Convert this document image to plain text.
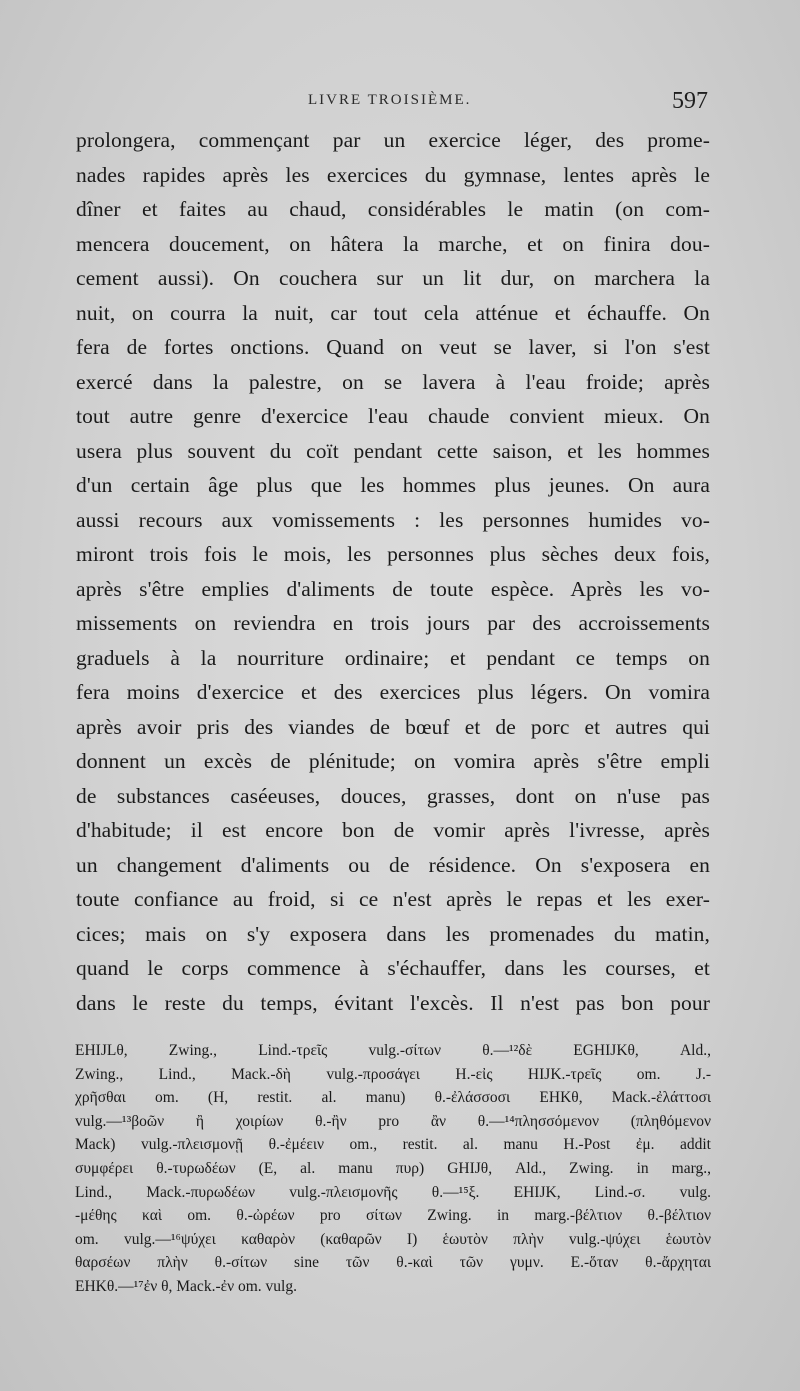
LIVRE TROISIÈME.	597
prolongera, commençant par un exercice léger, des prome-
nades rapides après les exercices du gymnase, lentes après le
dîner et faites au chaud, considérables le matin (on com-
mencera doucement, on hâtera la marche, et on finira dou-
cement aussi). On couchera sur un lit dur, on marchera la
nuit, on courra la nuit, car tout cela atténue et échauffe. On
fera de fortes onctions. Quand on veut se laver, si l'on s'est
exercé dans la palestre, on se lavera à l'eau froide; après
tout autre genre d'exercice l'eau chaude convient mieux. On
usera plus souvent du coït pendant cette saison, et les hommes
d'un certain âge plus que les hommes plus jeunes. On aura
aussi recours aux vomissements : les personnes humides vo-
miront trois fois le mois, les personnes plus sèches deux fois,
après s'être emplies d'aliments de toute espèce. Après les vo-
missements on reviendra en trois jours par des accroissements
graduels à la nourriture ordinaire; et pendant ce temps on
fera moins d'exercice et des exercices plus légers. On vomira
après avoir pris des viandes de bœuf et de porc et autres qui
donnent un excès de plénitude; on vomira après s'être empli
de substances caséeuses, douces, grasses, dont on n'use pas
d'habitude; il est encore bon de vomir après l'ivresse, après
un changement d'aliments ou de résidence. On s'exposera en
toute confiance au froid, si ce n'est après le repas et les exer-
cices; mais on s'y exposera dans les promenades du matin,
quand le corps commence à s'échauffer, dans les courses, et
dans le reste du temps, évitant l'excès. Il n'est pas bon pour
EHIJLθ, Zwing., Lind.-τρεῖς vulg.-σίτων θ.—¹²δὲ EGHIJKθ, Ald.,
Zwing., Lind., Mack.-δὴ vulg.-προσάγει H.-εἰς HIJK.-τρεῖς om. J.-
χρῆσθαι om. (H, restit. al. manu) θ.-ἐλάσσοσι EHKθ, Mack.-ἐλάττοσι
vulg.—¹³βοῶν ἢ χοιρίων θ.-ἢν pro ἂν θ.—¹⁴πλησσόμενον (πληθόμενον
Mack) vulg.-πλεισμονῇ θ.-ἐμέειν om., restit. al. manu H.-Post ἐμ. addit
συμφέρει θ.-τυρωδέων (E, al. manu πυρ) GHIJθ, Ald., Zwing. in marg.,
Lind., Mack.-πυρωδέων vulg.-πλεισμονῆς θ.—¹⁵ξ. EHIJK, Lind.-σ. vulg.
-μέθης καὶ om. θ.-ὠρέων pro σίτων Zwing. in marg.-βέλτιον θ.-βέλτιον
om. vulg.—¹⁶ψύχει καθαρὸν (καθαρῶν I) ἑωυτὸν πλὴν vulg.-ψύχει ἑωυτὸν
θαρσέων πλὴν θ.-σίτων sine τῶν θ.-καὶ τῶν γυμν. E.-ὅταν θ.-ἄρχηται
EHKθ.—¹⁷ἐν θ, Mack.-ἐν om. vulg.
